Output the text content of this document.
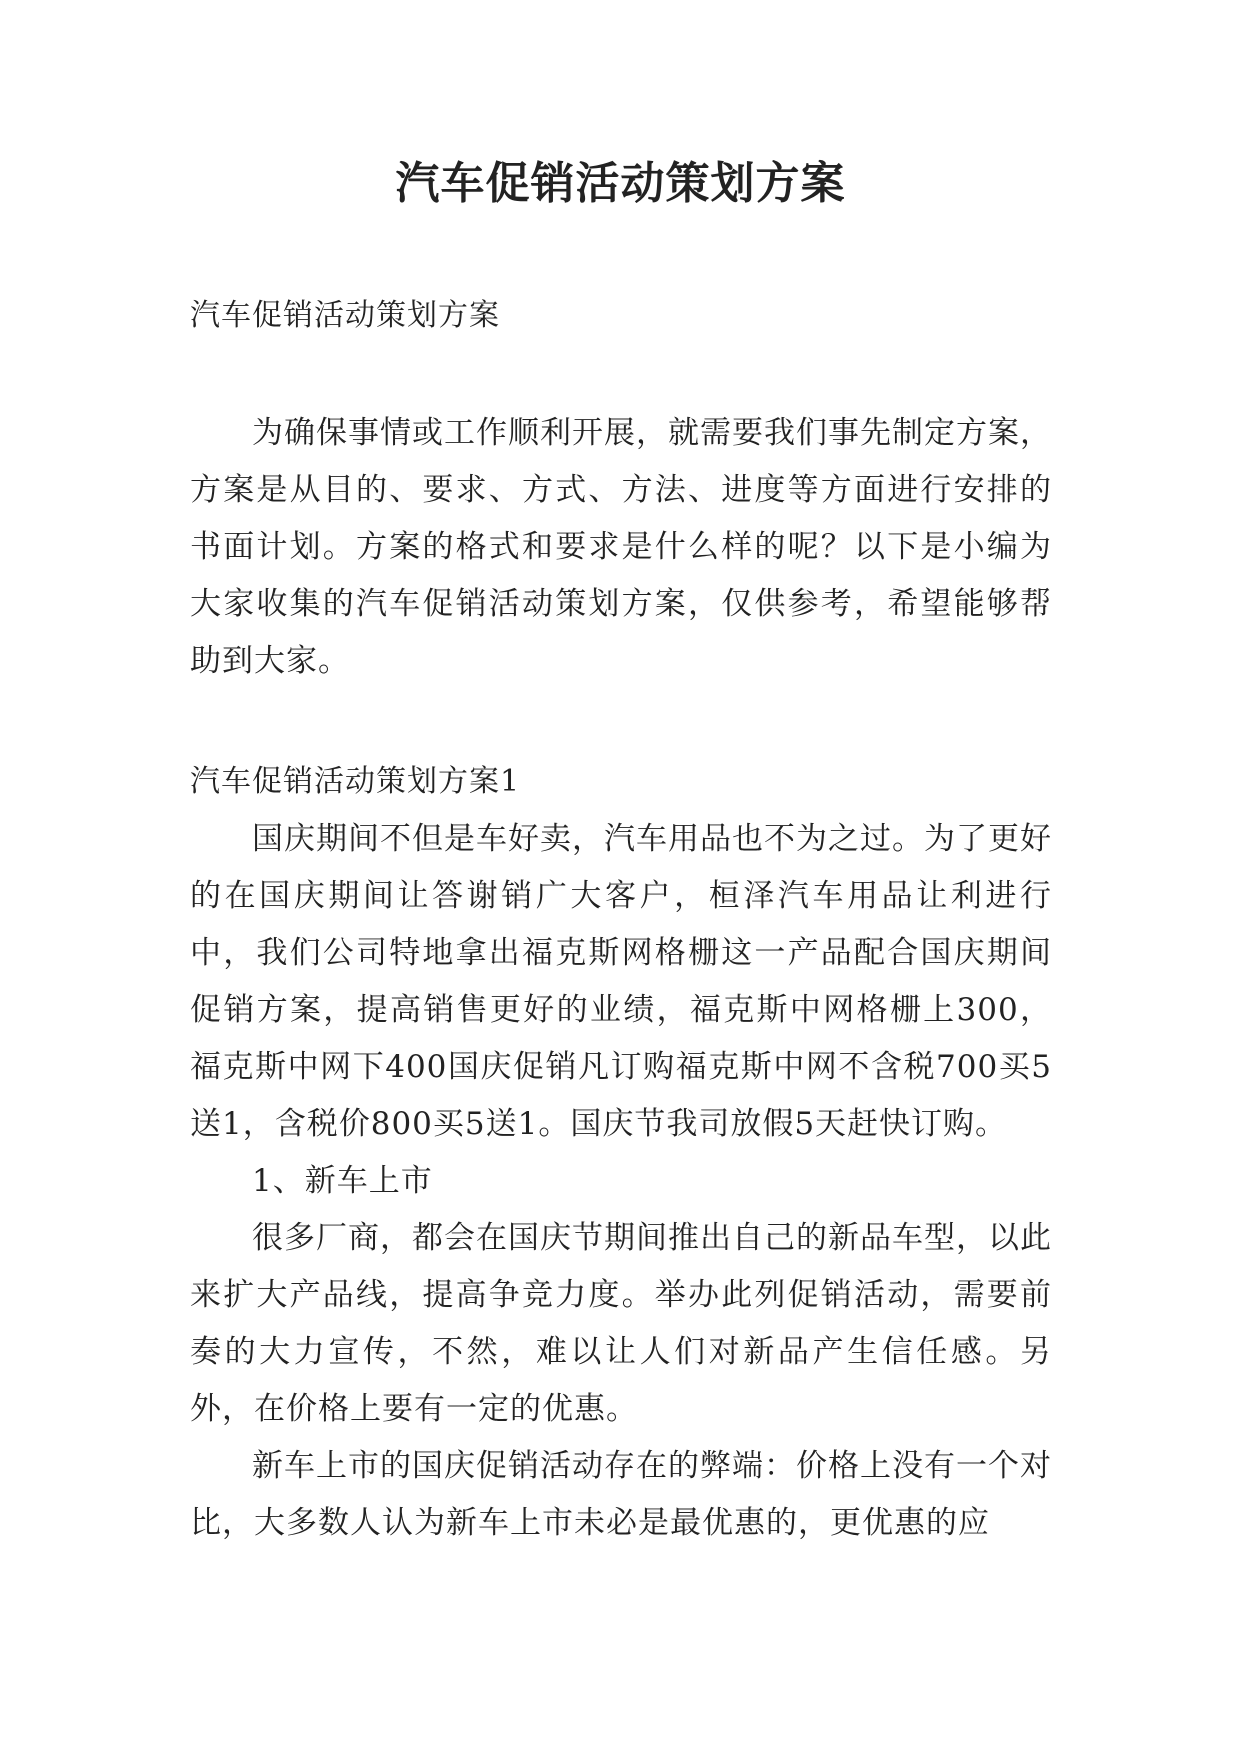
汽车促销活动策划方案

汽车促销活动策划方案

为确保事情或工作顺利开展，就需要我们事先制定方案，方案是从目的、要求、方式、方法、进度等方面进行安排的书面计划。方案的格式和要求是什么样的呢？以下是小编为大家收集的汽车促销活动策划方案，仅供参考，希望能够帮助到大家。

汽车促销活动策划方案1

国庆期间不但是车好卖，汽车用品也不为之过。为了更好的在国庆期间让答谢销广大客户，桓泽汽车用品让利进行中，我们公司特地拿出福克斯网格栅这一产品配合国庆期间促销方案，提高销售更好的业绩，福克斯中网格栅上300，福克斯中网下400国庆促销凡订购福克斯中网不含税700买5送1，含税价800买5送1。国庆节我司放假5天赶快订购。

1、新车上市

很多厂商，都会在国庆节期间推出自己的新品车型，以此来扩大产品线，提高争竞力度。举办此列促销活动，需要前奏的大力宣传，不然，难以让人们对新品产生信任感。另外，在价格上要有一定的优惠。

新车上市的国庆促销活动存在的弊端：价格上没有一个对比，大多数人认为新车上市未必是最优惠的，更优惠的应
